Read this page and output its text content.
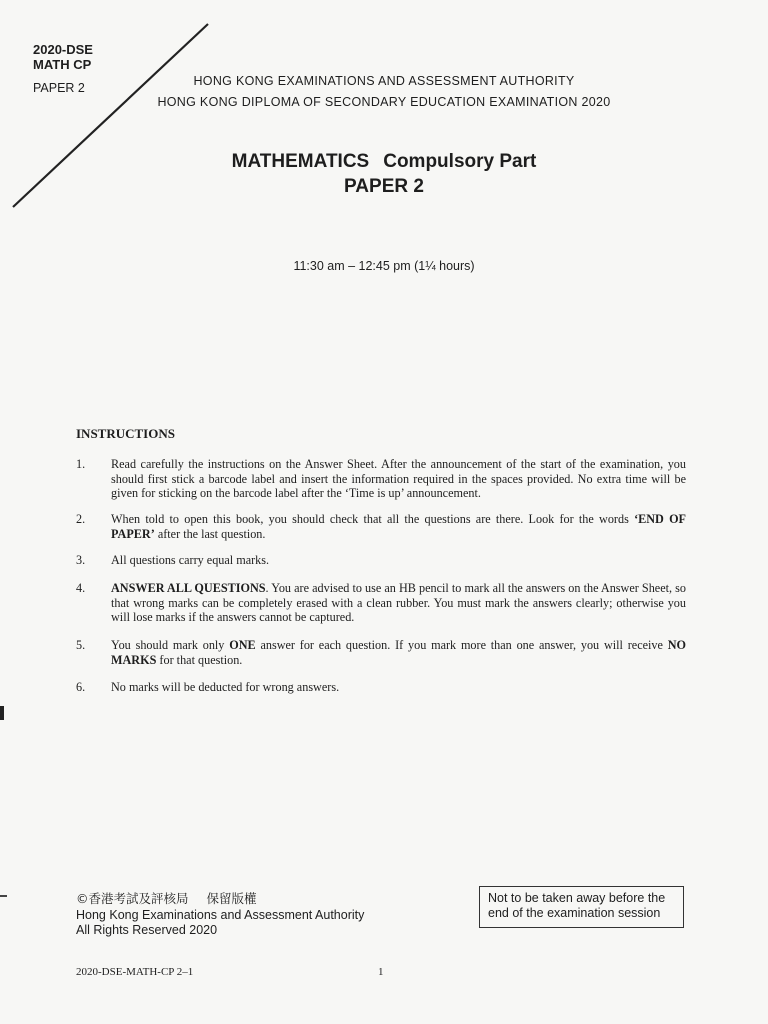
2020-DSE
MATH CP
PAPER 2	HONG KONG EXAMINATIONS AND ASSESSMENT AUTHORITY
HONG KONG DIPLOMA OF SECONDARY EDUCATION EXAMINATION 2020
MATHEMATICS Compulsory Part
PAPER 2
11:30 am – 12:45 pm (1¼ hours)
INSTRUCTIONS
1. Read carefully the instructions on the Answer Sheet. After the announcement of the start of the examination, you should first stick a barcode label and insert the information required in the spaces provided. No extra time will be given for sticking on the barcode label after the ‘Time is up’ announcement.
2. When told to open this book, you should check that all the questions are there. Look for the words ‘END OF PAPER’ after the last question.
3. All questions carry equal marks.
4. ANSWER ALL QUESTIONS. You are advised to use an HB pencil to mark all the answers on the Answer Sheet, so that wrong marks can be completely erased with a clean rubber. You must mark the answers clearly; otherwise you will lose marks if the answers cannot be captured.
5. You should mark only ONE answer for each question. If you mark more than one answer, you will receive NO MARKS for that question.
6. No marks will be deducted for wrong answers.
©香港考試及評核局 保留版權
Hong Kong Examinations and Assessment Authority
All Rights Reserved 2020
Not to be taken away before the
end of the examination session
2020-DSE-MATH-CP 2–1	1
